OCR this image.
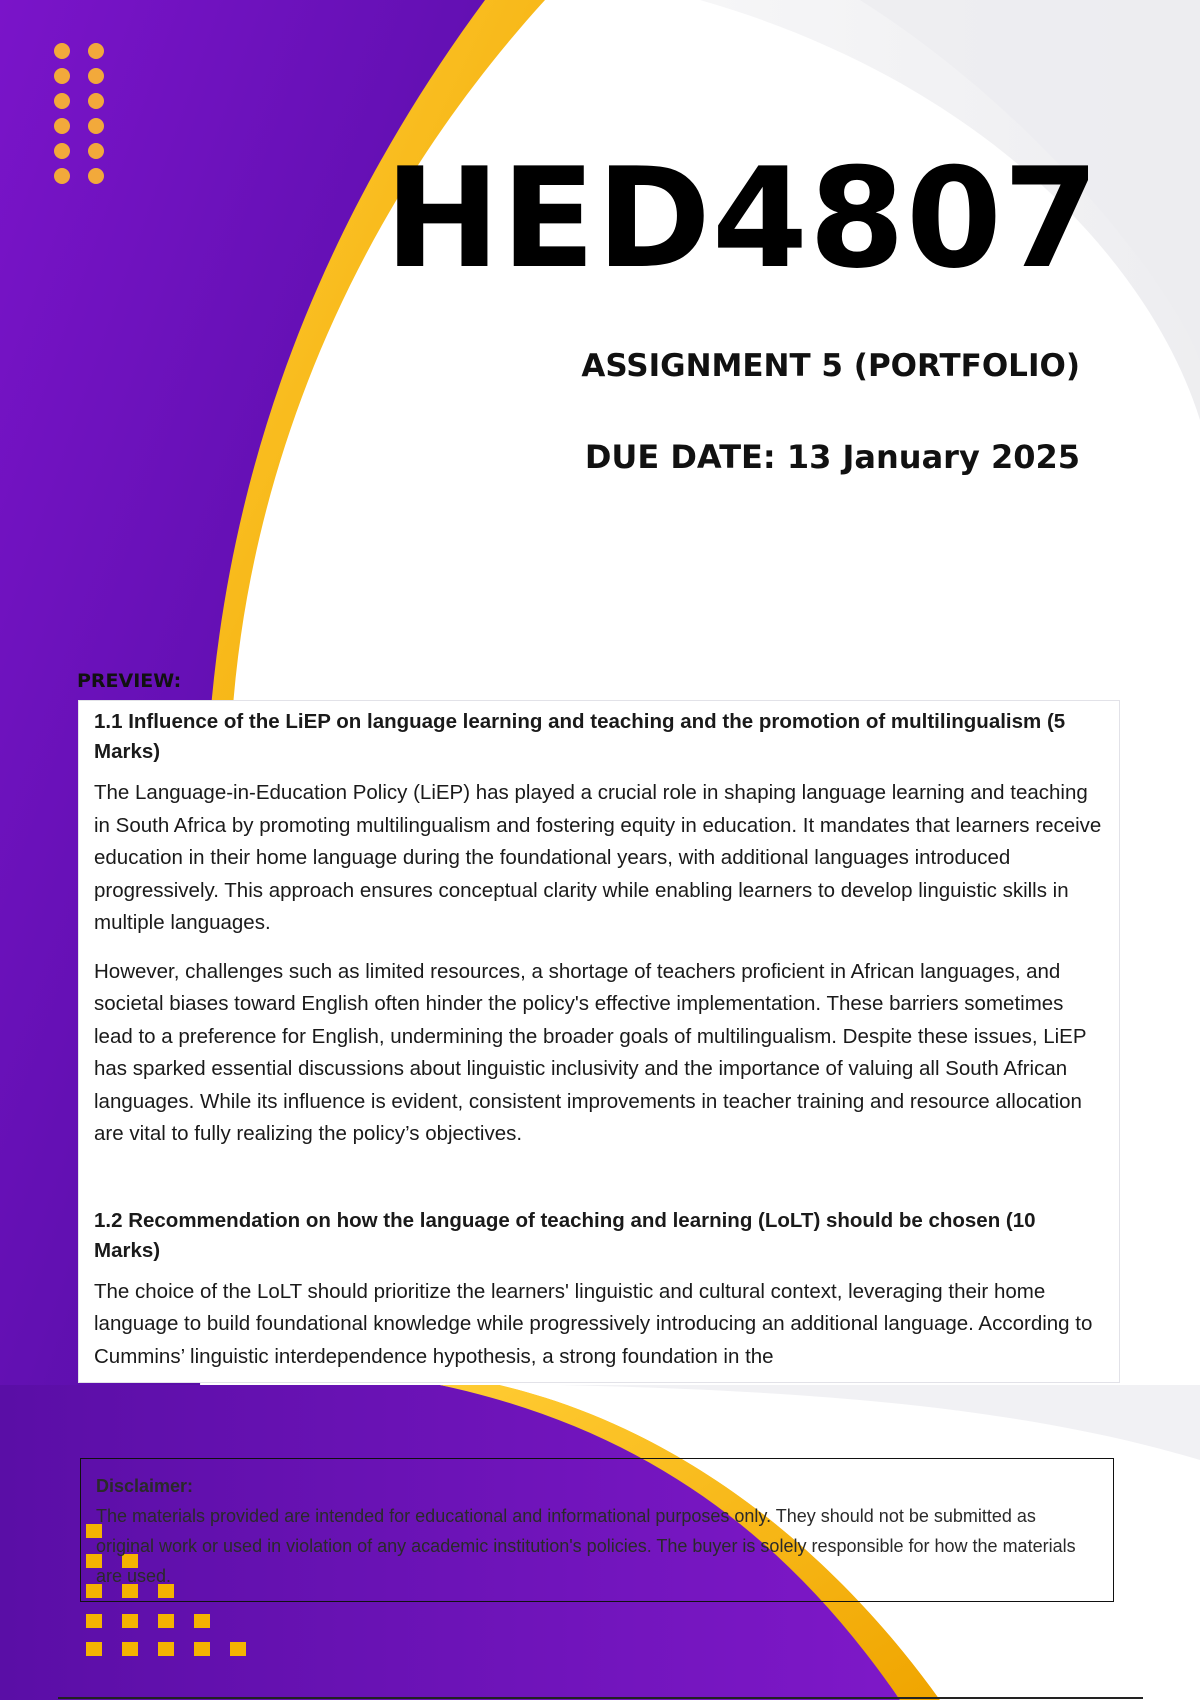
HED4807
ASSIGNMENT 5 (PORTFOLIO)
DUE DATE: 13 January 2025
PREVIEW:
1.1 Influence of the LiEP on language learning and teaching and the promotion of multilingualism (5 Marks)

The Language-in-Education Policy (LiEP) has played a crucial role in shaping language learning and teaching in South Africa by promoting multilingualism and fostering equity in education. It mandates that learners receive education in their home language during the foundational years, with additional languages introduced progressively. This approach ensures conceptual clarity while enabling learners to develop linguistic skills in multiple languages.

However, challenges such as limited resources, a shortage of teachers proficient in African languages, and societal biases toward English often hinder the policy's effective implementation. These barriers sometimes lead to a preference for English, undermining the broader goals of multilingualism. Despite these issues, LiEP has sparked essential discussions about linguistic inclusivity and the importance of valuing all South African languages. While its influence is evident, consistent improvements in teacher training and resource allocation are vital to fully realizing the policy’s objectives.

1.2 Recommendation on how the language of teaching and learning (LoLT) should be chosen (10 Marks)

The choice of the LoLT should prioritize the learners' linguistic and cultural context, leveraging their home language to build foundational knowledge while progressively introducing an additional language. According to Cummins’ linguistic interdependence hypothesis, a strong foundation in the

Disclaimer:
The materials provided are intended for educational and informational purposes only. They should not be submitted as original work or used in violation of any academic institution's policies. The buyer is solely responsible for how the materials are used.
